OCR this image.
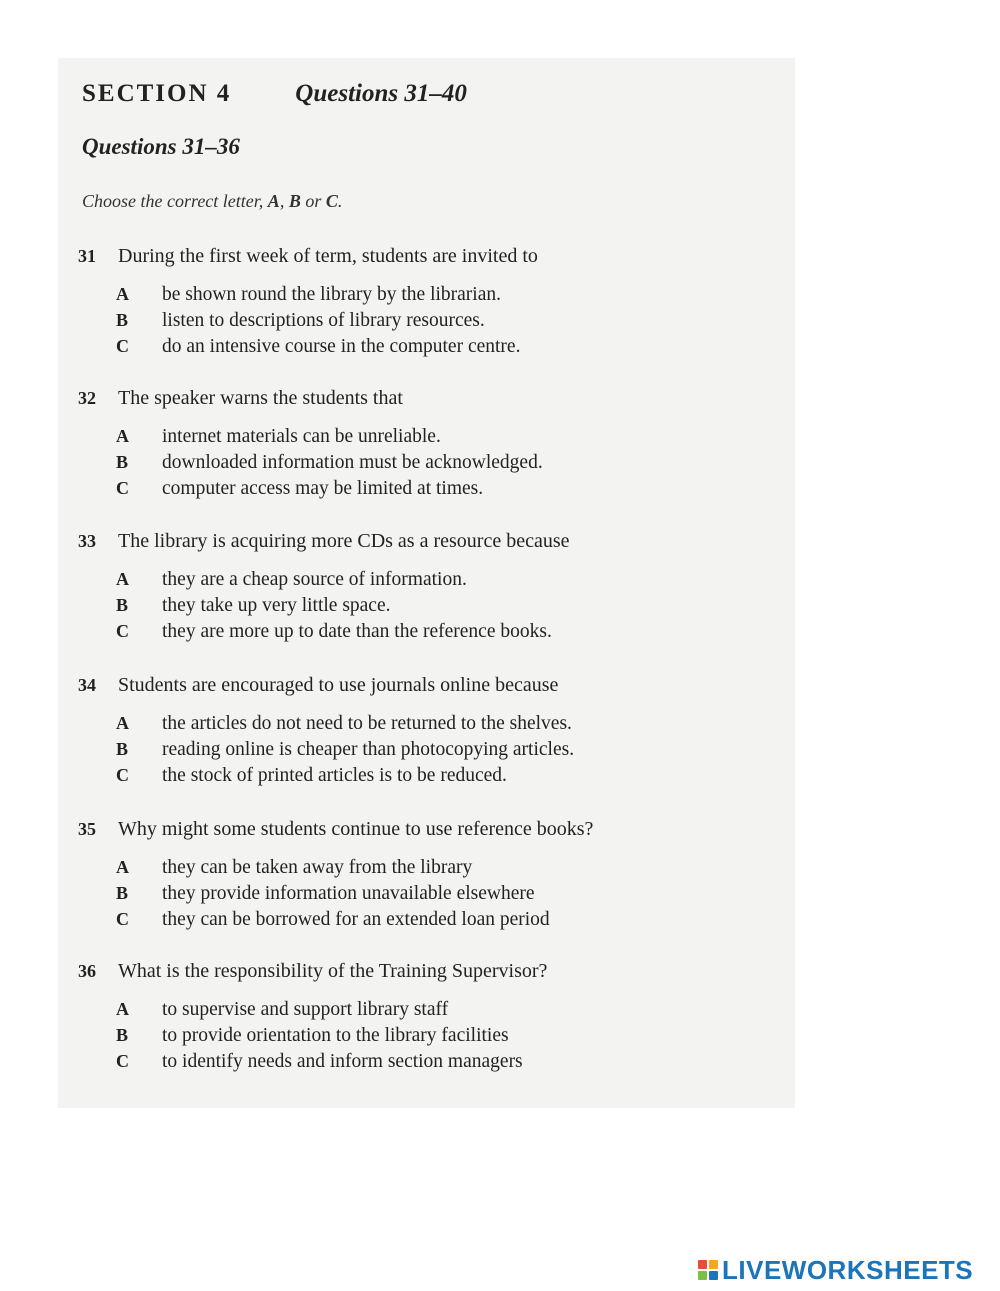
SECTION 4	Questions 31–40
Questions 31–36
Choose the correct letter, A, B or C.
31 During the first week of term, students are invited to
A be shown round the library by the librarian.
B listen to descriptions of library resources.
C do an intensive course in the computer centre.
32 The speaker warns the students that
A internet materials can be unreliable.
B downloaded information must be acknowledged.
C computer access may be limited at times.
33 The library is acquiring more CDs as a resource because
A they are a cheap source of information.
B they take up very little space.
C they are more up to date than the reference books.
34 Students are encouraged to use journals online because
A the articles do not need to be returned to the shelves.
B reading online is cheaper than photocopying articles.
C the stock of printed articles is to be reduced.
35 Why might some students continue to use reference books?
A they can be taken away from the library
B they provide information unavailable elsewhere
C they can be borrowed for an extended loan period
36 What is the responsibility of the Training Supervisor?
A to supervise and support library staff
B to provide orientation to the library facilities
C to identify needs and inform section managers
LIVEWORKSHEETS
